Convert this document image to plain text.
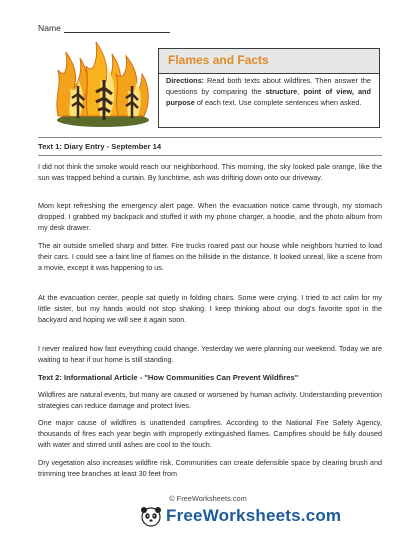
Name
Flames and Facts
Directions: Read both texts about wildfires. Then answer the questions by comparing the structure, point of view, and purpose of each text. Use complete sentences when asked.
Text 1: Diary Entry - September 14

I did not think the smoke would reach our neighborhood. This morning, the sky looked pale orange, like the sun was trapped behind a curtain. By lunchtime, ash was drifting down onto our driveway.

Mom kept refreshing the emergency alert page. When the evacuation notice came through, my stomach dropped. I grabbed my backpack and stuffed it with my phone charger, a hoodie, and the photo album from my desk drawer.

The air outside smelled sharp and bitter. Fire trucks roared past our house while neighbors hurried to load their cars. I could see a faint line of flames on the hillside in the distance. It looked unreal, like a scene from a movie, except it was happening to us.

At the evacuation center, people sat quietly in folding chairs. Some were crying. I tried to act calm for my little sister, but my hands would not stop shaking. I keep thinking about our dog's favorite spot in the backyard and hoping we will see it again soon.

I never realized how fast everything could change. Yesterday we were planning our weekend. Today we are waiting to hear if our home is still standing.

Text 2: Informational Article - "How Communities Can Prevent Wildfires"

Wildfires are natural events, but many are caused or worsened by human activity. Understanding prevention strategies can reduce damage and protect lives.

One major cause of wildfires is unattended campfires. According to the National Fire Safety Agency, thousands of fires each year begin with improperly extinguished flames. Campfires should be fully doused with water and stirred until ashes are cool to the touch.

Dry vegetation also increases wildfire risk. Communities can create defensible space by clearing brush and trimming tree branches at least 30 feet from

© FreeWorksheets.com
FreeWorksheets.com
